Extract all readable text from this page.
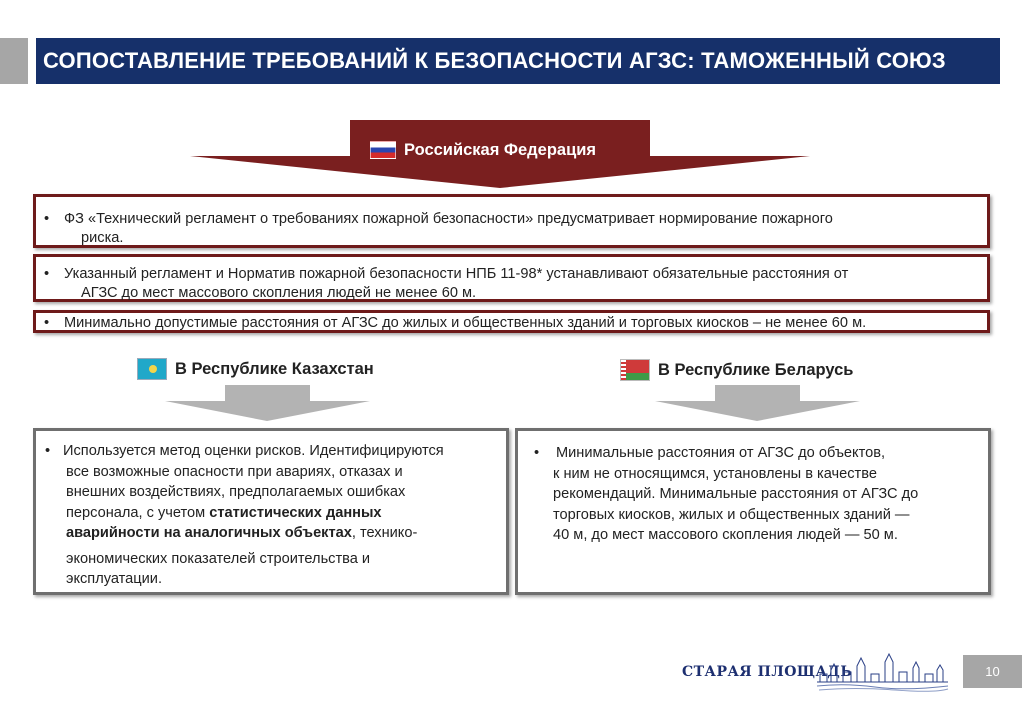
СОПОСТАВЛЕНИЕ ТРЕБОВАНИЙ К БЕЗОПАСНОСТИ АГЗС: ТАМОЖЕННЫЙ СОЮЗ
Российская Федерация
•	ФЗ «Технический регламент о требованиях пожарной безопасности» предусматривает нормирование пожарного
риска.
•	Указанный регламент и Норматив пожарной безопасности НПБ 11-98* устанавливают обязательные расстояния от
АГЗС до мест массового скопления людей не менее 60 м.
•	Минимально допустимые расстояния от АГЗС до жилых и общественных зданий и торговых киосков – не менее 60 м.
В Республике Казахстан	В Республике Беларусь
• Используется метод оценки рисков. Идентифицируются
все возможные опасности при авариях, отказах и
внешних воздействиях, предполагаемых ошибках
персонала, с учетом статистических данных
аварийности на аналогичных объектах, технико-
экономических показателей строительства и
эксплуатации.
•	Минимальные расстояния от АГЗС до объектов,
к ним не относящимся, установлены в качестве
рекомендаций. Минимальные расстояния от АГЗС до
торговых киосков, жилых и общественных зданий —
40 м, до мест массового скопления людей — 50 м.
СТАРАЯ ПЛОЩАДЬ	10
